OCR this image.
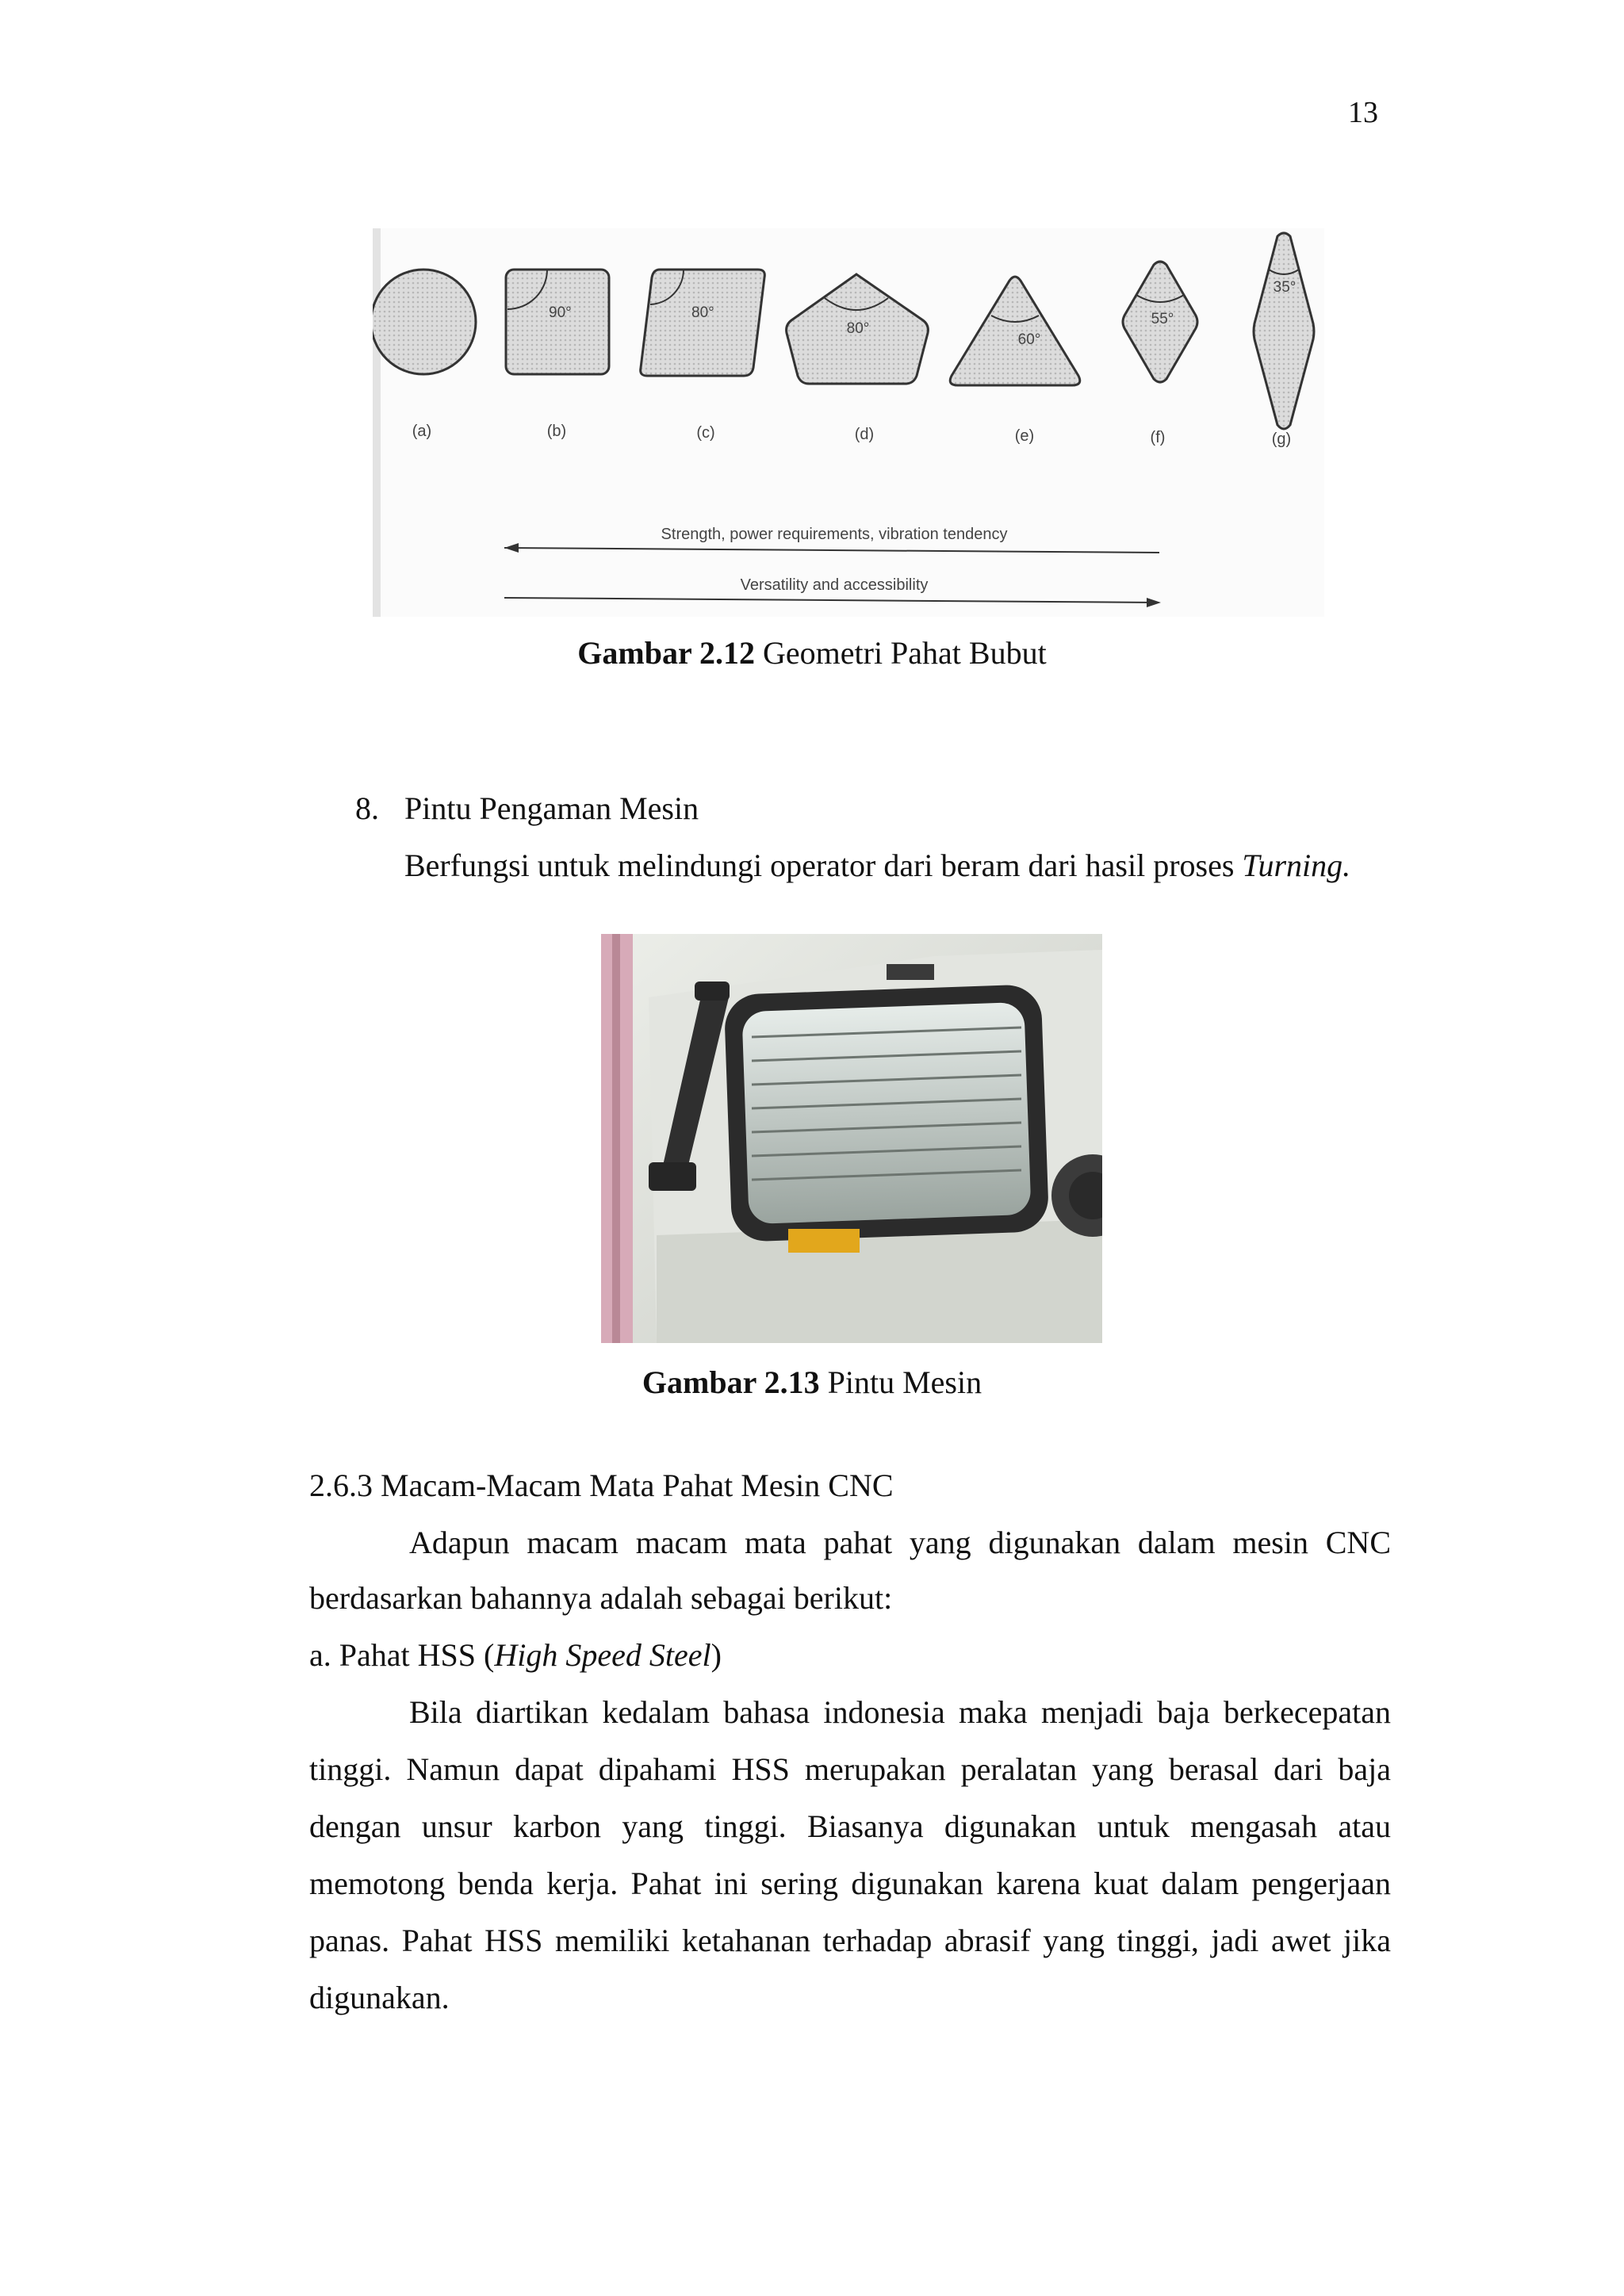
13
90°	80°
80°
60°
55°
35°
(a)	(b)	(c)	(d)	(e)	(f)	(g)
Strength, power requirements, vibration tendency
Versatility and accessibility
Gambar 2.12 Geometri Pahat Bubut
8. Pintu Pengaman Mesin
Berfungsi untuk melindungi operator dari beram dari hasil proses Turning.
Gambar 2.13 Pintu Mesin
2.6.3 Macam-Macam Mata Pahat Mesin CNC
Adapun macam macam mata pahat yang digunakan dalam mesin CNC
berdasarkan bahannya adalah sebagai berikut:
a. Pahat HSS (High Speed Steel)
Bila diartikan kedalam bahasa indonesia maka menjadi baja berkecepatan
tinggi. Namun dapat dipahami HSS merupakan peralatan yang berasal dari baja
dengan unsur karbon yang tinggi. Biasanya digunakan untuk mengasah atau
memotong benda kerja. Pahat ini sering digunakan karena kuat dalam pengerjaan
panas. Pahat HSS memiliki ketahanan terhadap abrasif yang tinggi, jadi awet jika
digunakan.
